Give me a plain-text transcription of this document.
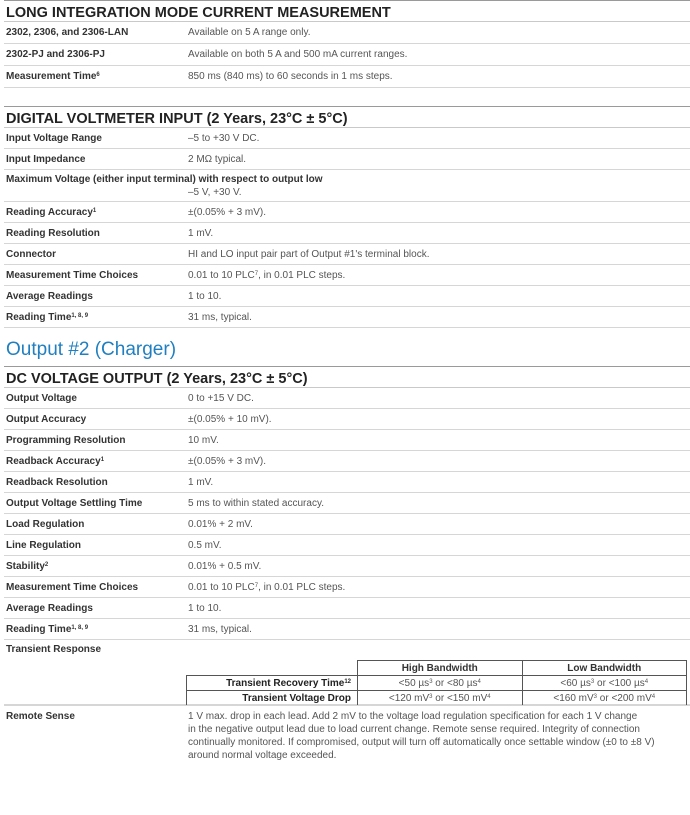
LONG INTEGRATION MODE CURRENT MEASUREMENT
2302, 2306, and 2306-LAN	Available on 5 A range only.
2302-PJ and 2306-PJ	Available on both 5 A and 500 mA current ranges.
Measurement Time$^6$	850 ms (840 ms) to 60 seconds in 1 ms steps.
DIGITAL VOLTMETER INPUT (2 Years, 23°C ± 5°C)
Input Voltage Range	–5 to +30 V DC.
Input Impedance	2 MΩ typical.
Maximum Voltage (either input terminal) with respect to output low
–5 V, +30 V.
Reading Accuracy$^1$	±(0.05% + 3 mV).
Reading Resolution	1 mV.
Connector	HI and LO input pair part of Output #1's terminal block.
Measurement Time Choices	0.01 to 10 PLC$^7$, in 0.01 PLC steps.
Average Readings	1 to 10.
Reading Time$^{1, 8, 9}$	31 ms, typical.
Output #2 (Charger)
DC VOLTAGE OUTPUT (2 Years, 23°C ± 5°C)
Output Voltage	0 to +15 V DC.
Output Accuracy	±(0.05% + 10 mV).
Programming Resolution	10 mV.
Readback Accuracy$^1$	±(0.05% + 3 mV).
Readback Resolution	1 mV.
Output Voltage Settling Time	5 ms to within stated accuracy.
Load Regulation	0.01% + 2 mV.
Line Regulation	0.5 mV.
Stability$^2$	0.01% + 0.5 mV.
Measurement Time Choices	0.01 to 10 PLC$^7$, in 0.01 PLC steps.
Average Readings	1 to 10.
Reading Time$^{1, 8, 9}$	31 ms, typical.
Transient Response
	High Bandwidth	Low Bandwidth
Transient Recovery Time$^{12}$	<50 µs$^3$ or <80 µs$^4$	<60 µs$^3$ or <100 µs$^4$
Transient Voltage Drop	<120 $mV^3$ or <150 $mV^4$	<160 $mV^3$ or <200 $mV^4$
Remote Sense	1 V max. drop in each lead. Add 2 mV to the voltage load regulation specification for each 1 V change
in the negative output lead due to load current change. Remote sense required. Integrity of connection
continually monitored. If compromised, output will turn off automatically once settable window (±0 to ±8 V)
around normal voltage exceeded.
